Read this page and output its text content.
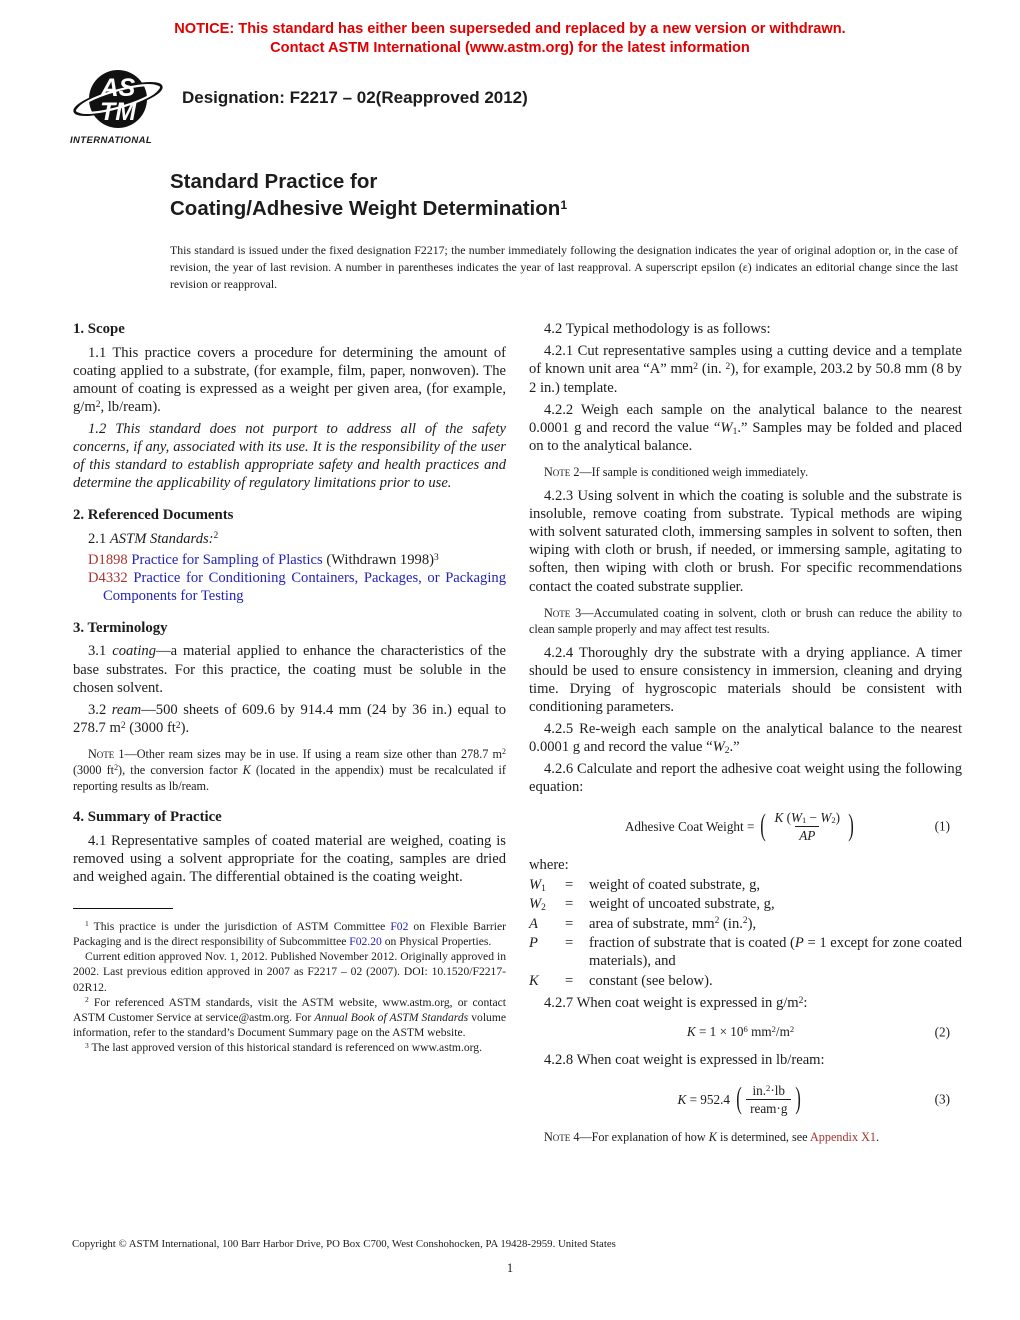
NOTICE: This standard has either been superseded and replaced by a new version or withdrawn.
Contact ASTM International (www.astm.org) for the latest information
AS
TM
INTERNATIONAL
Designation: F2217 – 02(Reapproved 2012)
Standard Practice for
Coating/Adhesive Weight Determination$^1$
This standard is issued under the fixed designation F2217; the number immediately following the designation indicates the year of original adoption or, in the case of revision, the year of last revision. A number in parentheses indicates the year of last reapproval. A superscript epsilon (ε) indicates an editorial change since the last revision or reapproval.
1. Scope

1.1 This practice covers a procedure for determining the amount of coating applied to a substrate, (for example, film, paper, nonwoven). The amount of coating is expressed as a weight per given area, (for example, $g/m^2$, lb/ream).

1.2 This standard does not purport to address all of the safety concerns, if any, associated with its use. It is the responsibility of the user of this standard to establish appropriate safety and health practices and determine the applicability of regulatory limitations prior to use.

2. Referenced Documents

2.1 ASTM Standards:$^2$

D1898 Practice for Sampling of Plastics (Withdrawn 1998)$^3$
D4332 Practice for Conditioning Containers, Packages, or Packaging Components for Testing
3. Terminology

3.1 coating—a material applied to enhance the characteristics of the base substrates. For this practice, the coating must be soluble in the chosen solvent.

3.2 ream—500 sheets of 609.6 by 914.4 mm (24 by 36 in.) equal to 278.7 $m^2$ (3000 $ft^2$).

Note 1—Other ream sizes may be in use. If using a ream size other than 278.7 $m^2$ (3000 $ft^2$), the conversion factor K (located in the appendix) must be recalculated if reporting results as lb/ream.

4. Summary of Practice

4.1 Representative samples of coated material are weighed, coating is removed using a solvent appropriate for the coating, samples are dried and weighed again. The differential obtained is the coating weight.

$^1$ This practice is under the jurisdiction of ASTM Committee F02 on Flexible Barrier Packaging and is the direct responsibility of Subcommittee F02.20 on Physical Properties.

Current edition approved Nov. 1, 2012. Published November 2012. Originally approved in 2002. Last previous edition approved in 2007 as F2217 – 02 (2007). DOI: 10.1520/F2217-02R12.

$^2$ For referenced ASTM standards, visit the ASTM website, www.astm.org, or contact ASTM Customer Service at service@astm.org. For Annual Book of ASTM Standards volume information, refer to the standard’s Document Summary page on the ASTM website.

$^3$ The last approved version of this historical standard is referenced on www.astm.org.

4.2 Typical methodology is as follows:

4.2.1 Cut representative samples using a cutting device and a template of known unit area “A” $mm^2$ (in. $^2$), for example, 203.2 by 50.8 mm (8 by 2 in.) template.

4.2.2 Weigh each sample on the analytical balance to the nearest 0.0001 g and record the value “W1.” Samples may be folded and placed on to the analytical balance.

Note 2—If sample is conditioned weigh immediately.

4.2.3 Using solvent in which the coating is soluble and the substrate is insoluble, remove coating from substrate. Typical methods are wiping with solvent saturated cloth, immersing samples in solvent to soften, then wiping with cloth or brush, if needed, or immersing sample, agitating to soften, then wiping with cloth or brush. For specific recommendations contact the coated substrate supplier.

Note 3—Accumulated coating in solvent, cloth or brush can reduce the ability to clean sample properly and may affect test results.

4.2.4 Thoroughly dry the substrate with a drying appliance. A timer should be used to ensure consistency in immersion, cleaning and drying time. Drying of hygroscopic materials should be consistent with conditioning parameters.

4.2.5 Re-weigh each sample on the analytical balance to the nearest 0.0001 g and record the value “W2.”

4.2.6 Calculate and report the adhesive coat weight using the following equation:

Adhesive Coat Weight = ( $\frac{K (W1 - W2)}{AP}$ )	(1)
where:
W1	=	weight of coated substrate, g,
W2	=	weight of uncoated substrate, g,
A	=	area of substrate, $mm^2$ (in.$^2$),
P	=	fraction of substrate that is coated (P = 1 except for zone coated materials), and
K	=	constant (see below).

4.2.7 When coat weight is expressed in $g/m^2$:

$K = 1 \times 10^6$ $mm^2/m^2$	(2)

4.2.8 When coat weight is expressed in lb/ream:

K = 952.4 ( $\frac{in.^2\cdot lb}{\text{ream·g}}$ )	(3)

Note 4—For explanation of how K is determined, see Appendix X1.

Copyright © ASTM International, 100 Barr Harbor Drive, PO Box C700, West Conshohocken, PA 19428-2959. United States
1
